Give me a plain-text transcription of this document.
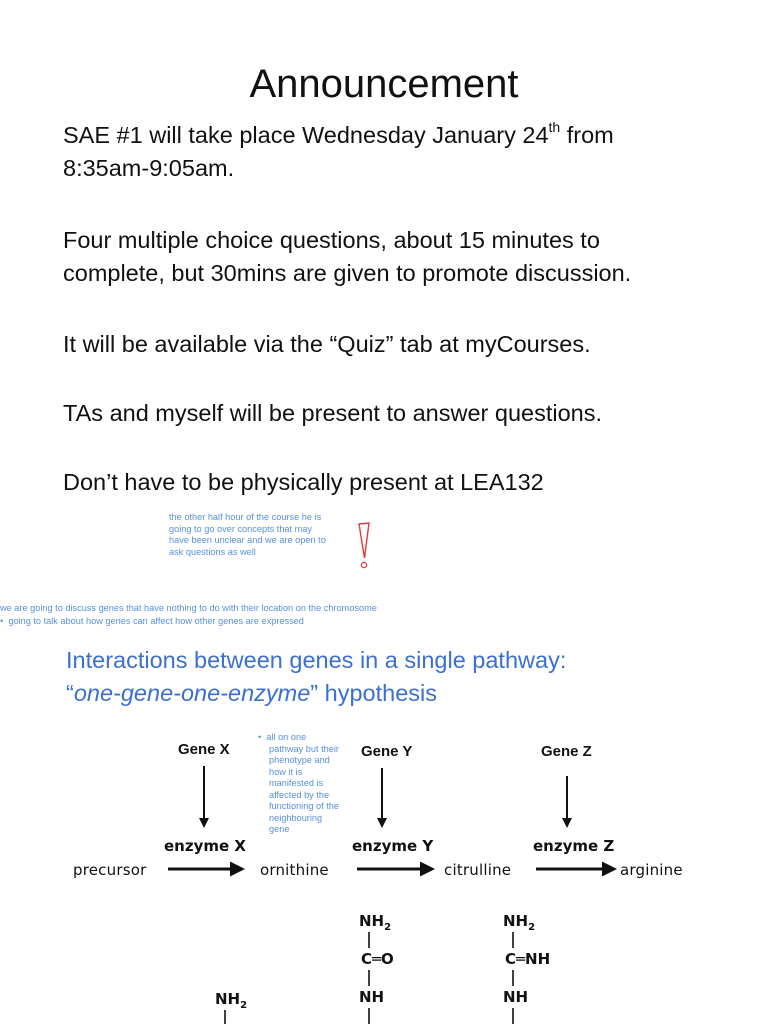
Announcement
SAE #1 will take place Wednesday January 24th from
8:35am-9:05am.
Four multiple choice questions, about 15 minutes to
complete, but 30mins are given to promote discussion.
It will be available via the “Quiz” tab at myCourses.
TAs and myself will be present to answer questions.
Don’t have to be physically present at LEA132
the other half hour of the course he is
going to go over concepts that may
have been unclear and we are open to
ask questions as well
we are going to discuss genes that have nothing to do with their location on the chromosome
• going to talk about how genes can affect how other genes are expressed
Interactions between genes in a single pathway:
“one-gene-one-enzyme” hypothesis
• all on one
pathway but their
phenotype and
how it is
manifested is
affected by the
functioning of the
neighbouring
gene
Gene X	Gene Y	Gene Z
enzyme X	enzyme Y	enzyme Z
precursor	ornithine	citrulline	arginine
$NH_2$
C═O
NH
$NH_2$
C═NH
NH
$NH_2$
